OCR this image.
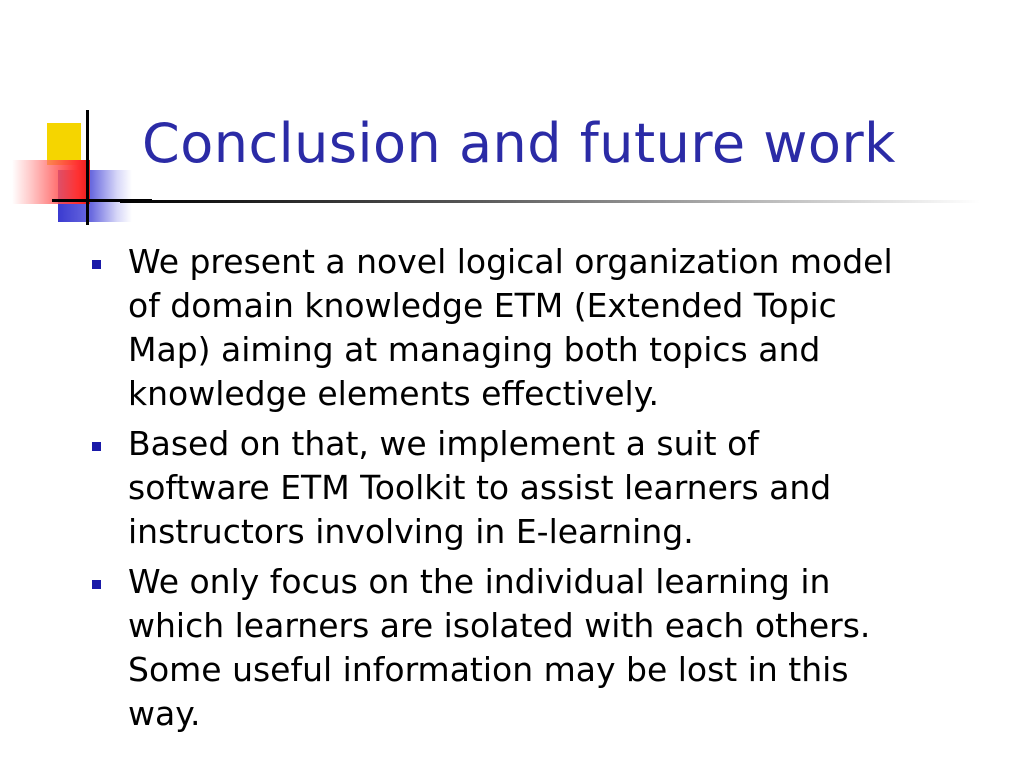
Conclusion and future work
We present a novel logical organization model
of domain knowledge ETM (Extended Topic
Map) aiming at managing both topics and
knowledge elements effectively.
Based on that, we implement a suit of
software ETM Toolkit to assist learners and
instructors involving in E-learning.
We only focus on the individual learning in
which learners are isolated with each others.
Some useful information may be lost in this
way.
